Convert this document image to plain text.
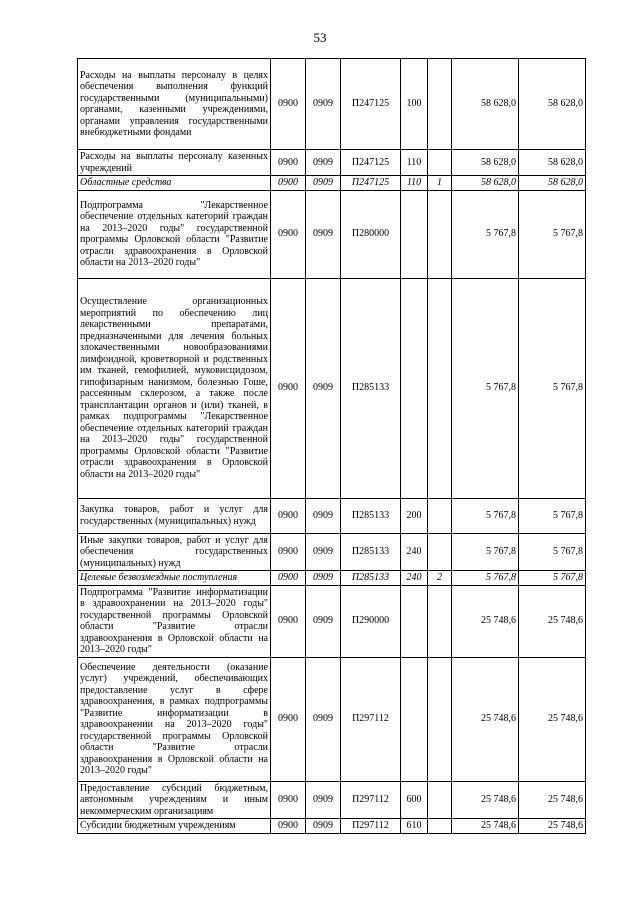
53
Расходы на выплаты персоналу в целях обеспечения выполнения функций государственными (муниципальными) органами, казенными учреждениями, органами управления государственными внебюджетными фондами	0900	0909	П247125	100		58 628,0	58 628,0
Расходы на выплаты персоналу казенных учреждений	0900	0909	П247125	110		58 628,0	58 628,0
Областные средства	0900	0909	П247125	110	1	58 628,0	58 628,0
Подпрограмма "Лекарственное обеспечение отдельных категорий граждан на 2013–2020 годы" государственной программы Орловской области "Развитие отрасли здравоохранения в Орловской области на 2013–2020 годы"	0900	0909	П280000			5 767,8	5 767,8
Осуществление организационных мероприятий по обеспечению лиц лекарственными препаратами, предназначенными для лечения больных злокачественными новообразованиями лимфоидной, кроветворной и родственных им тканей, гемофилией, муковисцидозом, гипофизарным нанизмом, болезнью Гоше, рассеянным склерозом, а также после трансплантации органов и (или) тканей, в рамках подпрограммы "Лекарственное обеспечение отдельных категорий граждан на 2013–2020 годы" государственной программы Орловской области "Развитие отрасли здравоохранения в Орловской области на 2013–2020 годы"	0900	0909	П285133			5 767,8	5 767,8
Закупка товаров, работ и услуг для государственных (муниципальных) нужд	0900	0909	П285133	200		5 767,8	5 767,8
Иные закупки товаров, работ и услуг для обеспечения государственных (муниципальных) нужд	0900	0909	П285133	240		5 767,8	5 767,8
Целевые безвозмездные поступления	0900	0909	П285133	240	2	5 767,8	5 767,8
Подпрограмма "Развитие информатизации в здравоохранении на 2013–2020 годы" государственной программы Орловской области "Развитие отрасли здравоохранения в Орловской области на 2013–2020 годы"	0900	0909	П290000			25 748,6	25 748,6
Обеспечение деятельности (оказание услуг) учреждений, обеспечивающих предоставление услуг в сфере здравоохранения, в рамках подпрограммы "Развитие информатизации в здравоохранении на 2013–2020 годы" государственной программы Орловской области "Развитие отрасли здравоохранения в Орловской области на 2013–2020 годы"	0900	0909	П297112			25 748,6	25 748,6
Предоставление субсидий бюджетным, автономным учреждениям и иным некоммерческим организациям	0900	0909	П297112	600		25 748,6	25 748,6
Субсидии бюджетным учреждениям	0900	0909	П297112	610		25 748,6	25 748,6
